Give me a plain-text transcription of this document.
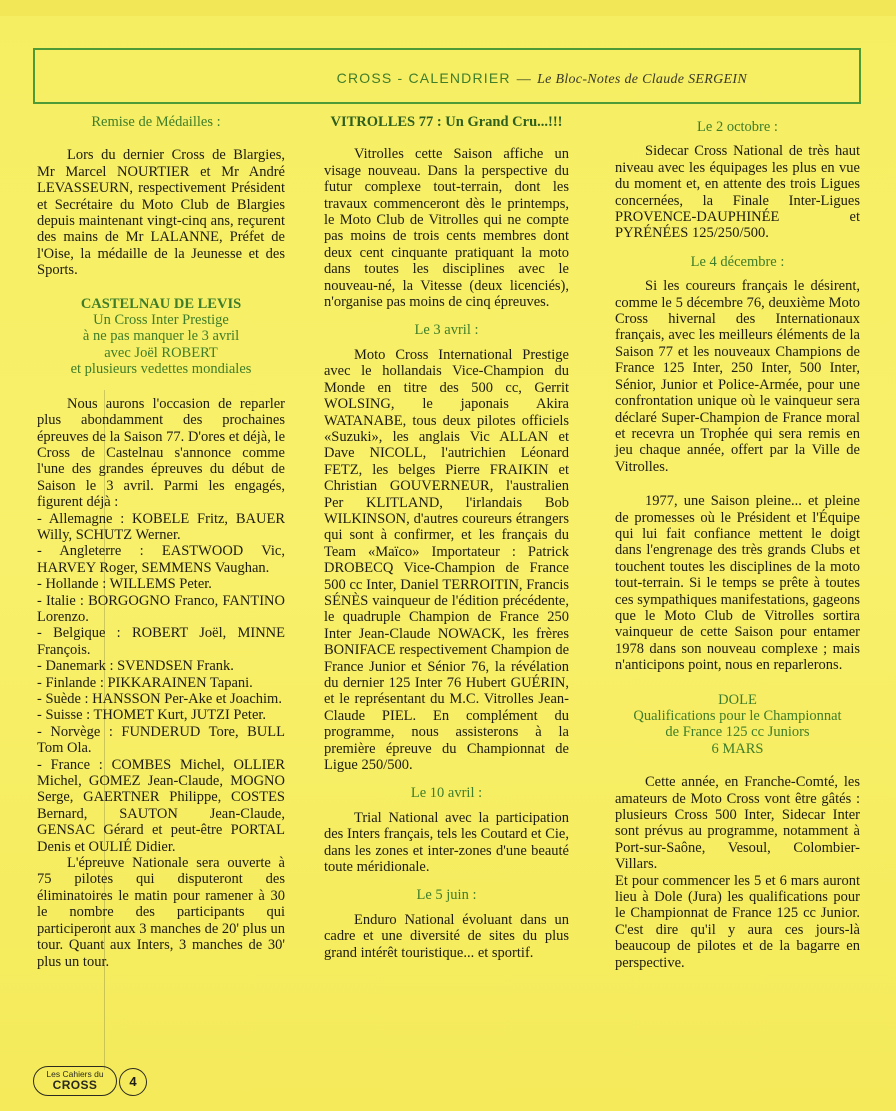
CROSS - CALENDRIER — Le Bloc-Notes de Claude SERGEIN

Remise de Médailles :

Lors du dernier Cross de Blargies, Mr Marcel NOURTIER et Mr André LEVASSEURN, respectivement Président et Secrétaire du Moto Club de Blargies depuis maintenant vingt-cinq ans, reçurent des mains de Mr LALANNE, Préfet de l'Oise, la médaille de la Jeunesse et des Sports.

CASTELNAU DE LEVIS

Un Cross Inter Prestige

à ne pas manquer le 3 avril

avec Joël ROBERT

et plusieurs vedettes mondiales

Nous aurons l'occasion de reparler plus abondamment des prochaines épreuves de la Saison 77. D'ores et déjà, le Cross de Castelnau s'annonce comme l'une des grandes épreuves du début de Saison le 3 avril. Parmi les engagés, figurent déjà :

- Allemagne : KOBELE Fritz, BAUER Willy, SCHUTZ Werner.

- Angleterre : EASTWOOD Vic, HARVEY Roger, SEMMENS Vaughan.

- Hollande : WILLEMS Peter.

- Italie : BORGOGNO Franco, FANTINO Lorenzo.

- Belgique : ROBERT Joël, MINNE François.

- Danemark : SVENDSEN Frank.

- Finlande : PIKKARAINEN Tapani.

- Suède : HANSSON Per-Ake et Joachim.

- Suisse : THOMET Kurt, JUTZI Peter.

- Norvège : FUNDERUD Tore, BULL Tom Ola.

- France : COMBES Michel, OLLIER Michel, GOMEZ Jean-Claude, MOGNO Serge, GAERTNER Philippe, COSTES Bernard, SAUTON Jean-Claude, GENSAC Gérard et peut-être PORTAL Denis et OULIÉ Didier.

L'épreuve Nationale sera ouverte à 75 pilotes qui disputeront des éliminatoires le matin pour ramener à 30 le nombre des participants qui participeront aux 3 manches de 20' plus un tour. Quant aux Inters, 3 manches de 30' plus un tour.

VITROLLES 77 : Un Grand Cru...!!!

Vitrolles cette Saison affiche un visage nouveau. Dans la perspective du futur complexe tout-terrain, dont les travaux commenceront dès le printemps, le Moto Club de Vitrolles qui ne compte pas moins de trois cents membres dont deux cent cinquante pratiquant la moto dans toutes les disciplines avec le nouveau-né, la Vitesse (deux licenciés), n'organise pas moins de cinq épreuves.

Le 3 avril :

Moto Cross International Prestige avec le hollandais Vice-Champion du Monde en titre des 500 cc, Gerrit WOLSING, le japonais Akira WATANABE, tous deux pilotes officiels «Suzuki», les anglais Vic ALLAN et Dave NICOLL, l'autrichien Léonard FETZ, les belges Pierre FRAIKIN et Christian GOUVERNEUR, l'australien Per KLITLAND, l'irlandais Bob WILKINSON, d'autres coureurs étrangers qui sont à confirmer, et les français du Team «Maïco» Importateur : Patrick DROBECQ Vice-Champion de France 500 cc Inter, Daniel TERROITIN, Francis SÉNÈS vainqueur de l'édition précédente, le quadruple Champion de France 250 Inter Jean-Claude NOWACK, les frères BONIFACE respectivement Champion de France Junior et Sénior 76, la révélation du dernier 125 Inter 76 Hubert GUÉRIN, et le représentant du M.C. Vitrolles Jean-Claude PIEL. En complément du programme, nous assisterons à la première épreuve du Championnat de Ligue 250/500.

Le 10 avril :

Trial National avec la participation des Inters français, tels les Coutard et Cie, dans les zones et inter-zones d'une beauté toute méridionale.

Le 5 juin :

Enduro National évoluant dans un cadre et une diversité de sites du plus grand intérêt touristique... et sportif.

Le 2 octobre :

Sidecar Cross National de très haut niveau avec les équipages les plus en vue du moment et, en attente des trois Ligues concernées, la Finale Inter-Ligues PROVENCE-DAUPHINÉE et PYRÉNÉES 125/250/500.

Le 4 décembre :

Si les coureurs français le désirent, comme le 5 décembre 76, deuxième Moto Cross hivernal des Internationaux français, avec les meilleurs éléments de la Saison 77 et les nouveaux Champions de France 125 Inter, 250 Inter, 500 Inter, Sénior, Junior et Police-Armée, pour une confrontation unique où le vainqueur sera déclaré Super-Champion de France moral et recevra un Trophée qui sera remis en jeu chaque année, offert par la Ville de Vitrolles.

1977, une Saison pleine... et pleine de promesses où le Président et l'Équipe qui lui fait confiance mettent le doigt dans l'engrenage des très grands Clubs et touchent toutes les disciplines de la moto tout-terrain. Si le temps se prête à toutes ces sympathiques manifestations, gageons que le Moto Club de Vitrolles sortira vainqueur de cette Saison pour entamer 1978 dans son nouveau complexe ; mais n'anticipons point, nous en reparlerons.

DOLE

Qualifications pour le Championnat

de France 125 cc Juniors

6 MARS

Cette année, en Franche-Comté, les amateurs de Moto Cross vont être gâtés : plusieurs Cross 500 Inter, Sidecar Inter sont prévus au programme, notamment à Port-sur-Saône, Vesoul, Colombier-Villars.

Et pour commencer les 5 et 6 mars auront lieu à Dole (Jura) les qualifications pour le Championnat de France 125 cc Junior. C'est dire qu'il y aura ces jours-là beaucoup de pilotes et de la bagarre en perspective.

Les Cahiers du
CROSS	4
